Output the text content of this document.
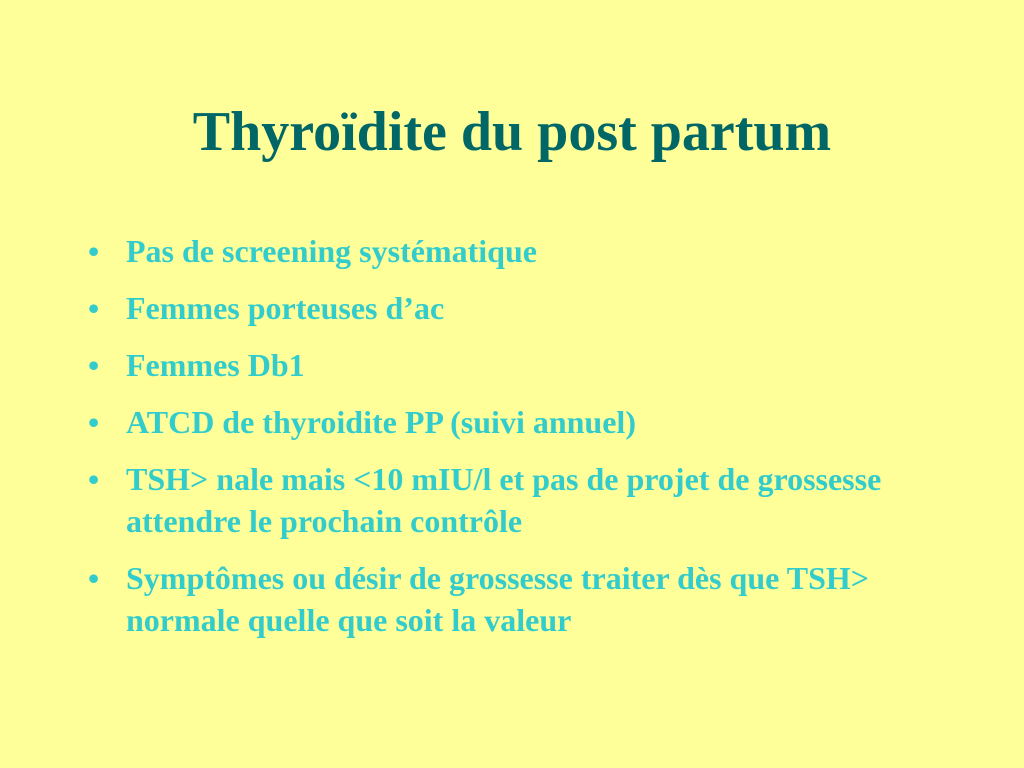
Thyroïdite du post partum
• Pas de screening systématique
• Femmes porteuses d’ac
• Femmes Db1
• ATCD de thyroidite PP (suivi annuel)
• TSH> nale mais <10 mIU/l et pas de projet de grossesse attendre le prochain contrôle
• Symptômes ou désir de grossesse traiter dès que TSH> normale quelle que soit la valeur
